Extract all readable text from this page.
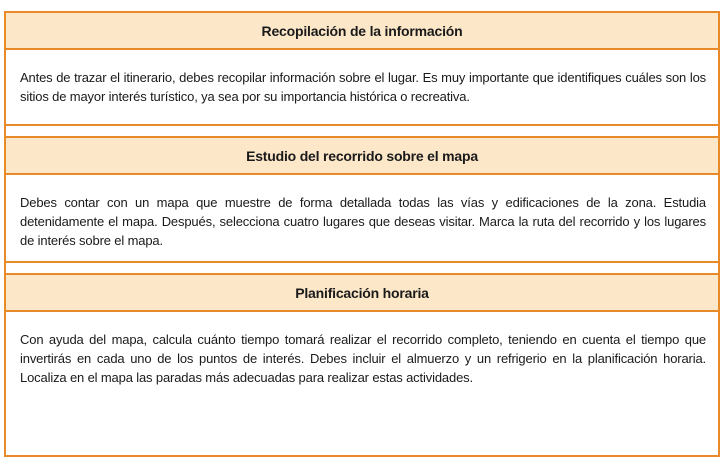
Recopilación de la información
Antes de trazar el itinerario, debes recopilar información sobre el lugar. Es muy importante que identifiques cuáles son los sitios de mayor interés turístico, ya sea por su importancia histórica o recreativa.
Estudio del recorrido sobre el mapa
Debes contar con un mapa que muestre de forma detallada todas las vías y edificaciones de la zona. Estudia detenidamente el mapa. Después, selecciona cuatro lugares que deseas visitar. Marca la ruta del recorrido y los lugares de interés sobre el mapa.
Planificación horaria
Con ayuda del mapa, calcula cuánto tiempo tomará realizar el recorrido completo, teniendo en cuenta el tiempo que invertirás en cada uno de los puntos de interés. Debes incluir el almuerzo y un refrigerio en la planificación horaria. Localiza en el mapa las paradas más adecuadas para realizar estas actividades.
